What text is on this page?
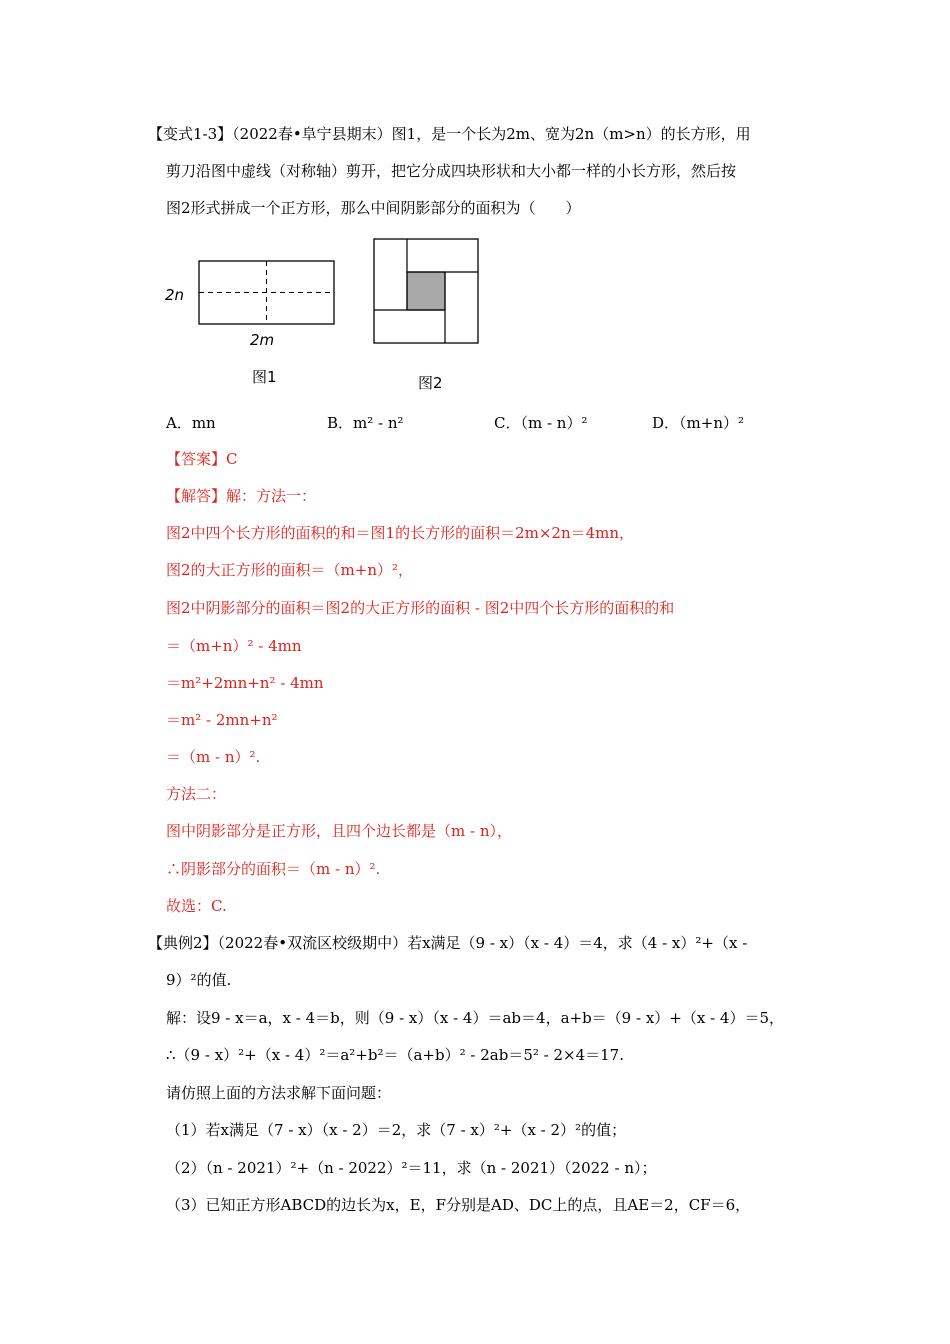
【变式1-3】（2022春•阜宁县期末）图1，是一个长为2m、宽为2n（m>n）的长方形，用
剪刀沿图中虚线（对称轴）剪开，把它分成四块形状和大小都一样的小长方形，然后按
图2形式拼成一个正方形，那么中间阴影部分的面积为（　　）
2n
2m
图1	图2
A．mn	B．m² - n²	C．（m - n）²	D．（m+n）²
【答案】C
【解答】解：方法一：
图2中四个长方形的面积的和＝图1的长方形的面积＝2m×2n＝4mn，
图2的大正方形的面积＝（m+n）²，
图2中阴影部分的面积＝图2的大正方形的面积 - 图2中四个长方形的面积的和
＝（m+n）² - 4mn
＝m²+2mn+n² - 4mn
＝m² - 2mn+n²
＝（m - n）².
方法二：
图中阴影部分是正方形，且四个边长都是（m - n），
∴阴影部分的面积＝（m - n）².
故选：C.
【典例2】（2022春•双流区校级期中）若x满足（9 - x）（x - 4）＝4，求（4 - x）²+（x -
9）²的值.
解：设9 - x＝a，x - 4＝b，则（9 - x）（x - 4）＝ab＝4，a+b＝（9 - x）+（x - 4）＝5，
∴（9 - x）²+（x - 4）²＝a²+b²＝（a+b）² - 2ab＝5² - 2×4＝17.
请仿照上面的方法求解下面问题：
（1）若x满足（7 - x）（x - 2）＝2，求（7 - x）²+（x - 2）²的值；
（2）（n - 2021）²+（n - 2022）²＝11，求（n - 2021）（2022 - n）；
（3）已知正方形ABCD的边长为x，E，F分别是AD、DC上的点，且AE＝2，CF＝6，
